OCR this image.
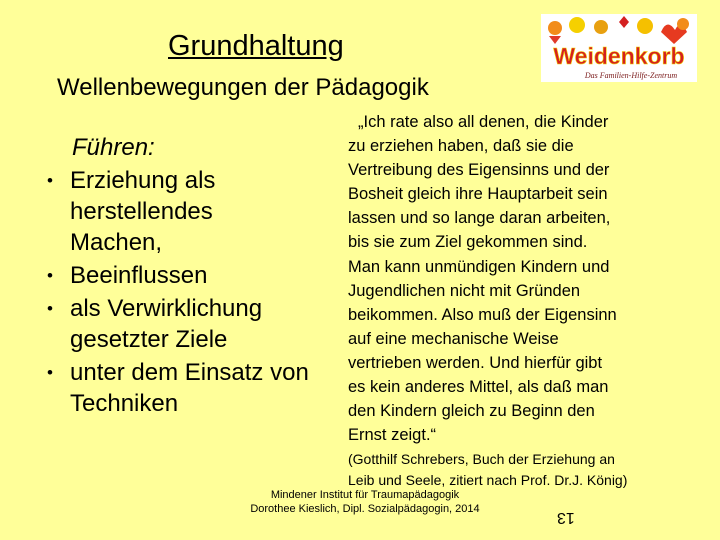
Grundhaltung
Wellenbewegungen der Pädagogik
Weidenkorb
Das Familien-Hilfe-Zentrum
Führen:
• Erziehung als
herstellendes
Machen,
• Beeinflussen
• als Verwirklichung
gesetzter Ziele
• unter dem Einsatz von
Techniken
„Ich rate also all denen, die Kinder
zu erziehen haben, daß sie die
Vertreibung des Eigensinns und der
Bosheit gleich ihre Hauptarbeit sein
lassen und so lange daran arbeiten,
bis sie zum Ziel gekommen sind.
Man kann unmündigen Kindern und
Jugendlichen nicht mit Gründen
beikommen. Also muß der Eigensinn
auf eine mechanische Weise
vertrieben werden. Und hierfür gibt
es kein anderes Mittel, als daß man
den Kindern gleich zu Beginn den
Ernst zeigt.“
(Gotthilf Schrebers, Buch der Erziehung an
Leib und Seele, zitiert nach Prof. Dr.J. König)
Mindener Institut für Traumapädagogik
Dorothee Kieslich, Dipl. Sozialpädagogin, 2014	13
